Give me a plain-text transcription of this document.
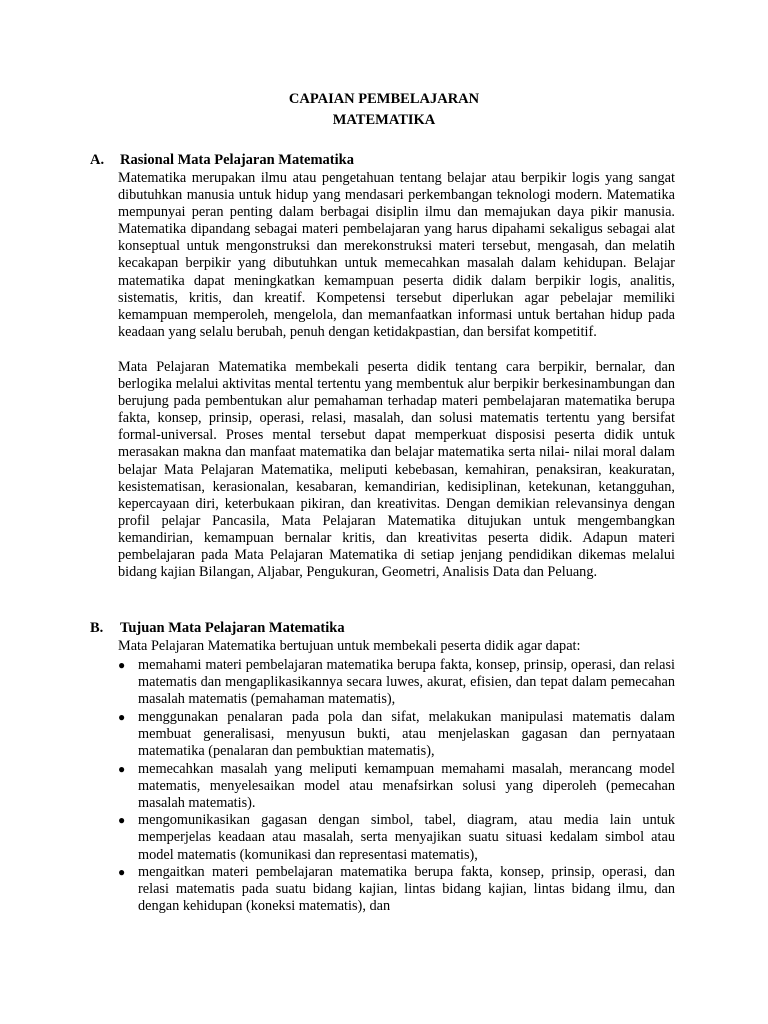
CAPAIAN PEMBELAJARAN
MATEMATIKA
A. Rasional Mata Pelajaran Matematika

Matematika merupakan ilmu atau pengetahuan tentang belajar atau berpikir logis yang sangat dibutuhkan manusia untuk hidup yang mendasari perkembangan teknologi modern. Matematika mempunyai peran penting dalam berbagai disiplin ilmu dan memajukan daya pikir manusia. Matematika dipandang sebagai materi pembelajaran yang harus dipahami sekaligus sebagai alat konseptual untuk mengonstruksi dan merekonstruksi materi tersebut, mengasah, dan melatih kecakapan berpikir yang dibutuhkan untuk memecahkan masalah dalam kehidupan. Belajar matematika dapat meningkatkan kemampuan peserta didik dalam berpikir logis, analitis, sistematis, kritis, dan kreatif. Kompetensi tersebut diperlukan agar pebelajar memiliki kemampuan memperoleh, mengelola, dan memanfaatkan informasi untuk bertahan hidup pada keadaan yang selalu berubah, penuh dengan ketidakpastian, dan bersifat kompetitif.

Mata Pelajaran Matematika membekali peserta didik tentang cara berpikir, bernalar, dan berlogika melalui aktivitas mental tertentu yang membentuk alur berpikir berkesinambungan dan berujung pada pembentukan alur pemahaman terhadap materi pembelajaran matematika berupa fakta, konsep, prinsip, operasi, relasi, masalah, dan solusi matematis tertentu yang bersifat formal-universal. Proses mental tersebut dapat memperkuat disposisi peserta didik untuk merasakan makna dan manfaat matematika dan belajar matematika serta nilai- nilai moral dalam belajar Mata Pelajaran Matematika, meliputi kebebasan, kemahiran, penaksiran, keakuratan, kesistematisan, kerasionalan, kesabaran, kemandirian, kedisiplinan, ketekunan, ketangguhan, kepercayaan diri, keterbukaan pikiran, dan kreativitas. Dengan demikian relevansinya dengan profil pelajar Pancasila, Mata Pelajaran Matematika ditujukan untuk mengembangkan kemandirian, kemampuan bernalar kritis, dan kreativitas peserta didik. Adapun materi pembelajaran pada Mata Pelajaran Matematika di setiap jenjang pendidikan dikemas melalui bidang kajian Bilangan, Aljabar, Pengukuran, Geometri, Analisis Data dan Peluang.

B. Tujuan Mata Pelajaran Matematika

Mata Pelajaran Matematika bertujuan untuk membekali peserta didik agar dapat:

● memahami materi pembelajaran matematika berupa fakta, konsep, prinsip, operasi, dan relasi matematis dan mengaplikasikannya secara luwes, akurat, efisien, dan tepat dalam pemecahan masalah matematis (pemahaman matematis),
● menggunakan penalaran pada pola dan sifat, melakukan manipulasi matematis dalam membuat generalisasi, menyusun bukti, atau menjelaskan gagasan dan pernyataan matematika (penalaran dan pembuktian matematis),
● memecahkan masalah yang meliputi kemampuan memahami masalah, merancang model matematis, menyelesaikan model atau menafsirkan solusi yang diperoleh (pemecahan masalah matematis).
● mengomunikasikan gagasan dengan simbol, tabel, diagram, atau media lain untuk memperjelas keadaan atau masalah, serta menyajikan suatu situasi kedalam simbol atau model matematis (komunikasi dan representasi matematis),
● mengaitkan materi pembelajaran matematika berupa fakta, konsep, prinsip, operasi, dan relasi matematis pada suatu bidang kajian, lintas bidang kajian, lintas bidang ilmu, dan dengan kehidupan (koneksi matematis), dan
